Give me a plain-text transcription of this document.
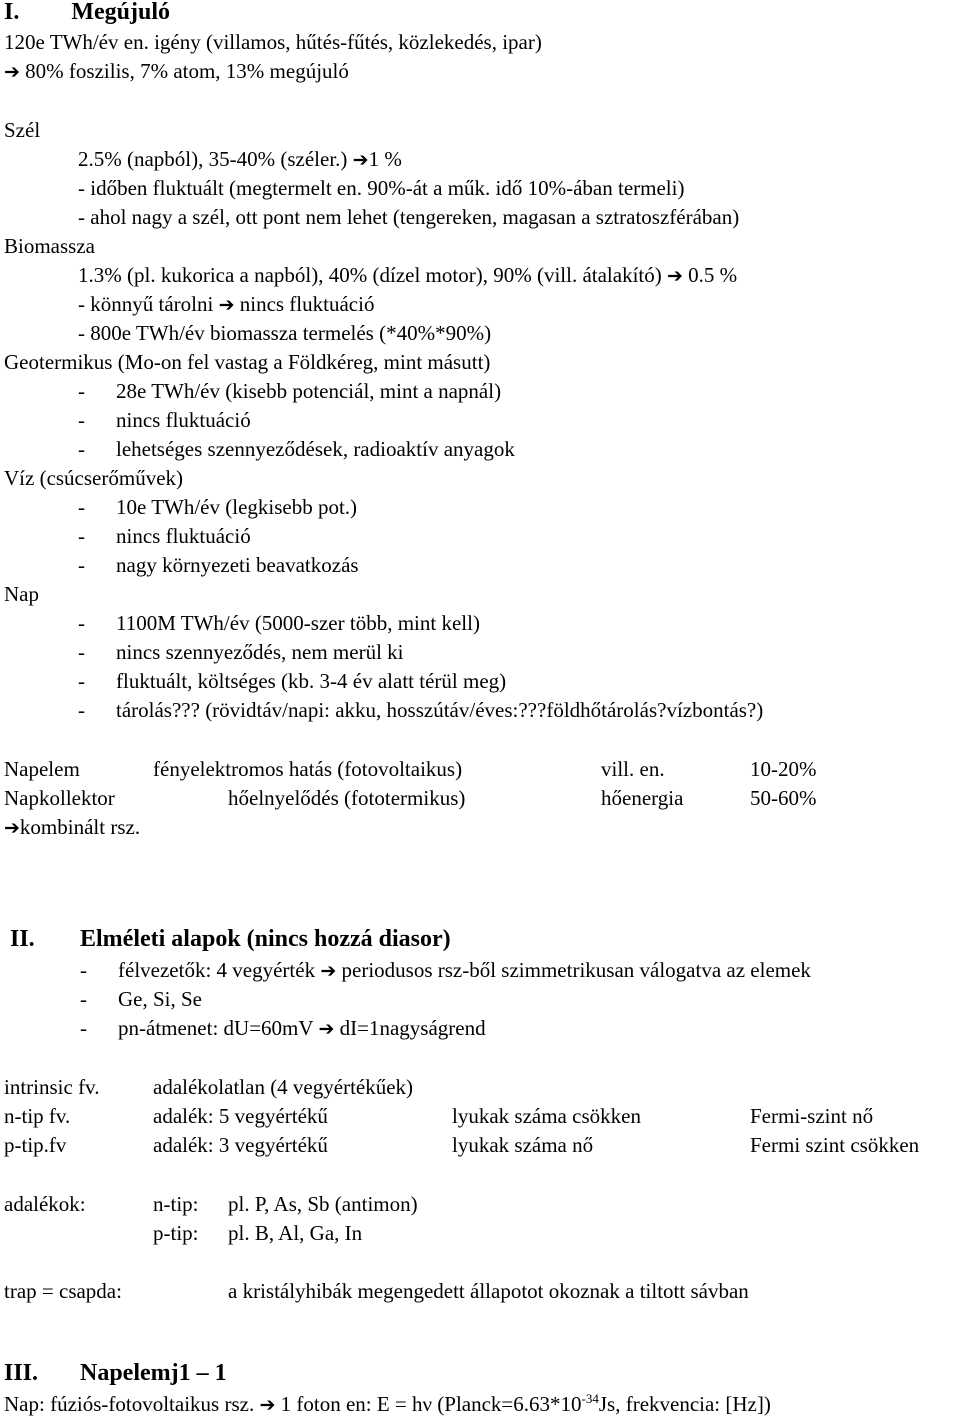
I. Megújuló
120e TWh/év en. igény (villamos, hűtés-fűtés, közlekedés, ipar)
➔ 80% foszilis, 7% atom, 13% megújuló
Szél
2.5% (napból), 35-40% (széler.) ➔1 %
- időben fluktuált (megtermelt en. 90%-át a műk. idő 10%-ában termeli)
- ahol nagy a szél, ott pont nem lehet (tengereken, magasan a sztratoszférában)
Biomassza
1.3% (pl. kukorica a napból), 40% (dízel motor), 90% (vill. átalakító) ➔ 0.5 %
- könnyű tárolni ➔ nincs fluktuáció
- 800e TWh/év biomassza termelés (*40%*90%)
Geotermikus (Mo-on fel vastag a Földkéreg, mint másutt)
- 28e TWh/év (kisebb potenciál, mint a napnál)
- nincs fluktuáció
- lehetséges szennyeződések, radioaktív anyagok
Víz (csúcserőművek)
- 10e TWh/év (legkisebb pot.)
- nincs fluktuáció
- nagy környezeti beavatkozás
Nap
- 1100M TWh/év (5000-szer több, mint kell)
- nincs szennyeződés, nem merül ki
- fluktuált, költséges (kb. 3-4 év alatt térül meg)
- tárolás??? (rövidtáv/napi: akku, hosszútáv/éves:???földhőtárolás?vízbontás?)
Napelem	fényelektromos hatás (fotovoltaikus)	vill. en.	10-20%
Napkollektor	hőelnyelődés (fototermikus)	hőenergia	50-60%
➔kombinált rsz.
II. Elméleti alapok (nincs hozzá diasor)
- félvezetők: 4 vegyérték ➔ periodusos rsz-ből szimmetrikusan válogatva az elemek
- Ge, Si, Se
- pn-átmenet: dU=60mV ➔ dI=1nagyságrend
intrinsic fv.	adalékolatlan (4 vegyértékűek)
n-tip fv.	adalék: 5 vegyértékű	lyukak száma csökken	Fermi-szint nő
p-tip.fv	adalék: 3 vegyértékű	lyukak száma nő	Fermi szint csökken
adalékok:	n-tip: pl. P, As, Sb (antimon)
p-tip: pl. B, Al, Ga, In
trap = csapda:	a kristályhibák megengedett állapotot okoznak a tiltott sávban
III. Napelemj1 – 1
Nap: fúziós-fotovoltaikus rsz. ➔ 1 foton en: E = hν ($Planck=6.63*10^{-34}Js$, frekvencia: [Hz])
